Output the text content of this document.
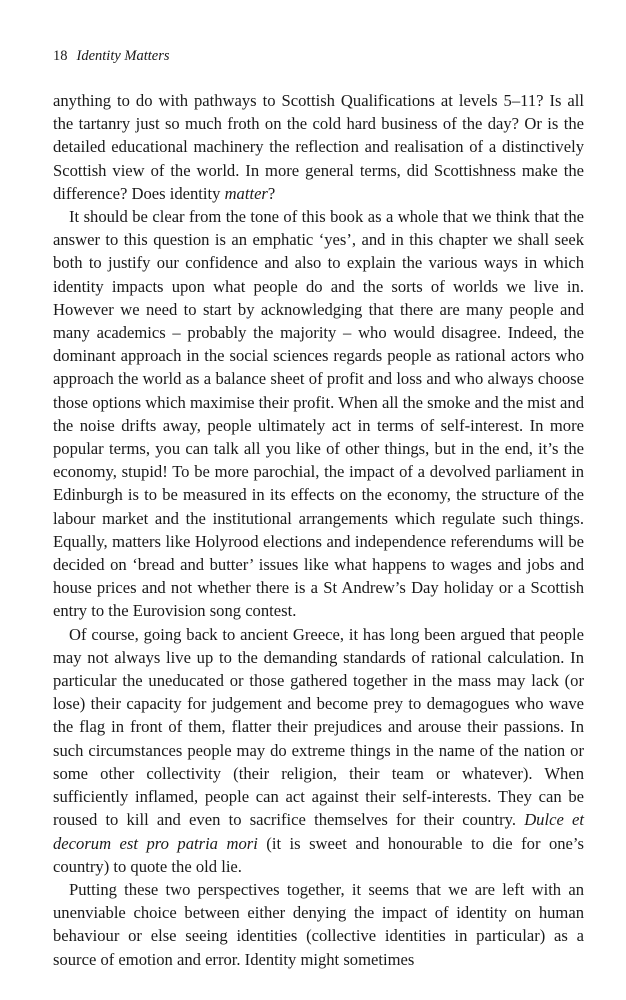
18 Identity Matters

anything to do with pathways to Scottish Qualifications at levels 5–11? Is all the tartanry just so much froth on the cold hard business of the day? Or is the detailed educational machinery the reflection and realisation of a distinctively Scottish view of the world. In more general terms, did Scottishness make the difference? Does identity matter?

It should be clear from the tone of this book as a whole that we think that the answer to this question is an emphatic ‘yes’, and in this chapter we shall seek both to justify our confidence and also to explain the various ways in which identity impacts upon what people do and the sorts of worlds we live in. However we need to start by acknowledging that there are many people and many academics – probably the majority – who would disagree. Indeed, the dominant approach in the social sciences regards people as rational actors who approach the world as a balance sheet of profit and loss and who always choose those options which maximise their profit. When all the smoke and the mist and the noise drifts away, people ultimately act in terms of self-interest. In more popular terms, you can talk all you like of other things, but in the end, it’s the economy, stupid! To be more parochial, the impact of a devolved parliament in Edinburgh is to be measured in its effects on the economy, the structure of the labour market and the institutional arrangements which regulate such things. Equally, matters like Holyrood elections and independence referendums will be decided on ‘bread and butter’ issues like what happens to wages and jobs and house prices and not whether there is a St Andrew’s Day holiday or a Scottish entry to the Eurovision song contest.

Of course, going back to ancient Greece, it has long been argued that people may not always live up to the demanding standards of rational calculation. In particular the uneducated or those gathered together in the mass may lack (or lose) their capacity for judgement and become prey to demagogues who wave the flag in front of them, flatter their prejudices and arouse their passions. In such circumstances people may do extreme things in the name of the nation or some other collectivity (their religion, their team or whatever). When sufficiently inflamed, people can act against their self-interests. They can be roused to kill and even to sacrifice themselves for their country. Dulce et decorum est pro patria mori (it is sweet and honourable to die for one’s country) to quote the old lie.

Putting these two perspectives together, it seems that we are left with an unenviable choice between either denying the impact of identity on human behaviour or else seeing identities (collective identities in particular) as a source of emotion and error. Identity might sometimes
